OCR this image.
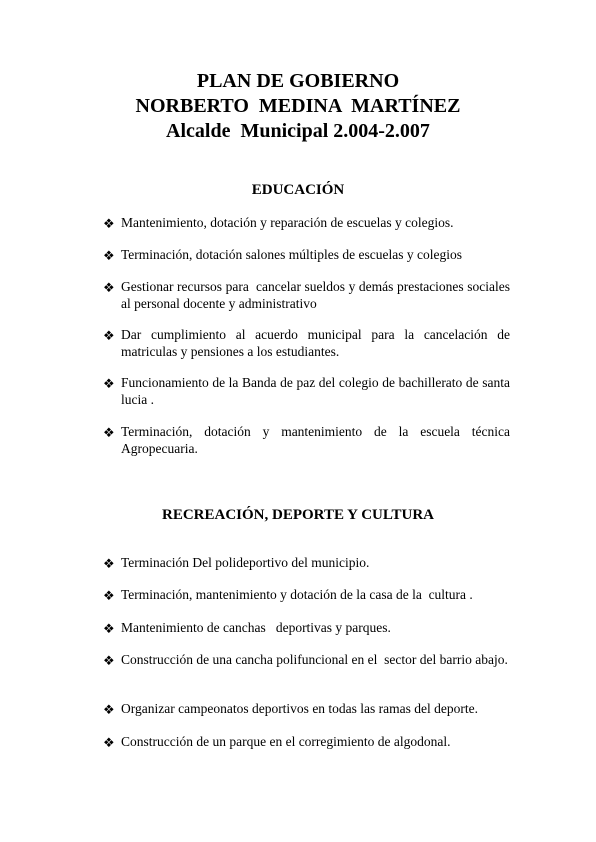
PLAN DE GOBIERNO
NORBERTO  MEDINA  MARTÍNEZ
Alcalde  Municipal 2.004-2.007
EDUCACIÓN
❖ Mantenimiento, dotación y reparación de escuelas y colegios.
❖ Terminación, dotación salones múltiples de escuelas y colegios
❖ Gestionar recursos para  cancelar sueldos y demás prestaciones sociales al personal docente y administrativo
❖ Dar cumplimiento al acuerdo municipal para la cancelación de matriculas y pensiones a los estudiantes.
❖ Funcionamiento de la Banda de paz del colegio de bachillerato de santa lucia .
❖ Terminación, dotación y mantenimiento de la escuela técnica Agropecuaria.
RECREACIÓN, DEPORTE Y CULTURA
❖ Terminación Del polideportivo del municipio.
❖ Terminación, mantenimiento y dotación de la casa de la  cultura .
❖ Mantenimiento de canchas   deportivas y parques.
❖ Construcción de una cancha polifuncional en el  sector del barrio abajo.
❖ Organizar campeonatos deportivos en todas las ramas del deporte.
❖ Construcción de un parque en el corregimiento de algodonal.
